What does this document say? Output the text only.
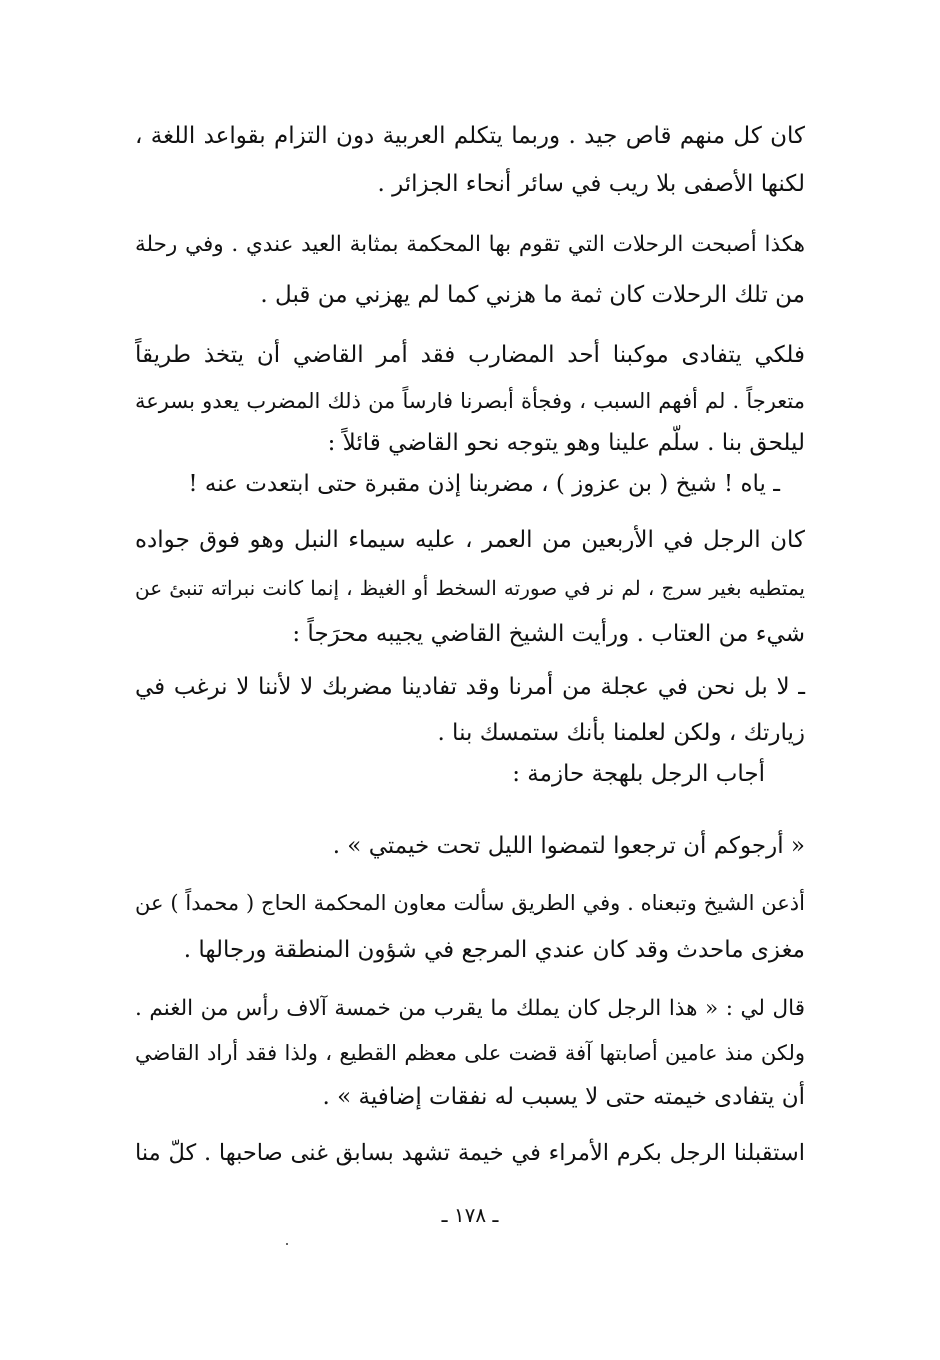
كان كل منهم قاص جيد . وربما يتكلم العربية دون التزام بقواعد اللغة ،
لكنها الأصفى بلا ريب في سائر أنحاء الجزائر .
هكذا أصبحت الرحلات التي تقوم بها المحكمة بمثابة العيد عندي . وفي رحلة
من تلك الرحلات كان ثمة ما هزني كما لم يهزني من قبل .
فلكي يتفادى موكبنا أحد المضارب فقد أمر القاضي أن يتخذ طريقاً
متعرجاً . لم أفهم السبب ، وفجأة أبصرنا فارساً من ذلك المضرب يعدو بسرعة
ليلحق بنا . سلّم علينا وهو يتوجه نحو القاضي قائلاً :
ـ ياه ! شيخ ( بن عزوز ) ، مضربنا إذن مقبرة حتى ابتعدت عنه !
كان الرجل في الأربعين من العمر ، عليه سيماء النبل وهو فوق جواده
يمتطيه بغير سرج ، لم نر في صورته السخط أو الغيظ ، إنما كانت نبراته تنبئ عن
شيء من العتاب . ورأيت الشيخ القاضي يجيبه محرَجاً :
ـ لا بل نحن في عجلة من أمرنا وقد تفادينا مضربك لا لأننا لا نرغب في
زيارتك ، ولكن لعلمنا بأنك ستمسك بنا .
أجاب الرجل بلهجة حازمة :
« أرجوكم أن ترجعوا لتمضوا الليل تحت خيمتي » .
أذعن الشيخ وتبعناه . وفي الطريق سألت معاون المحكمة الحاج ( محمداً ) عن
مغزى ماحدث وقد كان عندي المرجع في شؤون المنطقة ورجالها .
قال لي : « هذا الرجل كان يملك ما يقرب من خمسة آلاف رأس من الغنم .
ولكن منذ عامين أصابتها آفة قضت على معظم القطيع ، ولذا فقد أراد القاضي
أن يتفادى خيمته حتى لا يسبب له نفقات إضافية » .
استقبلنا الرجل بكرم الأمراء في خيمة تشهد بسابق غنى صاحبها . كلّ منا
ـ ١٧٨ ـ
